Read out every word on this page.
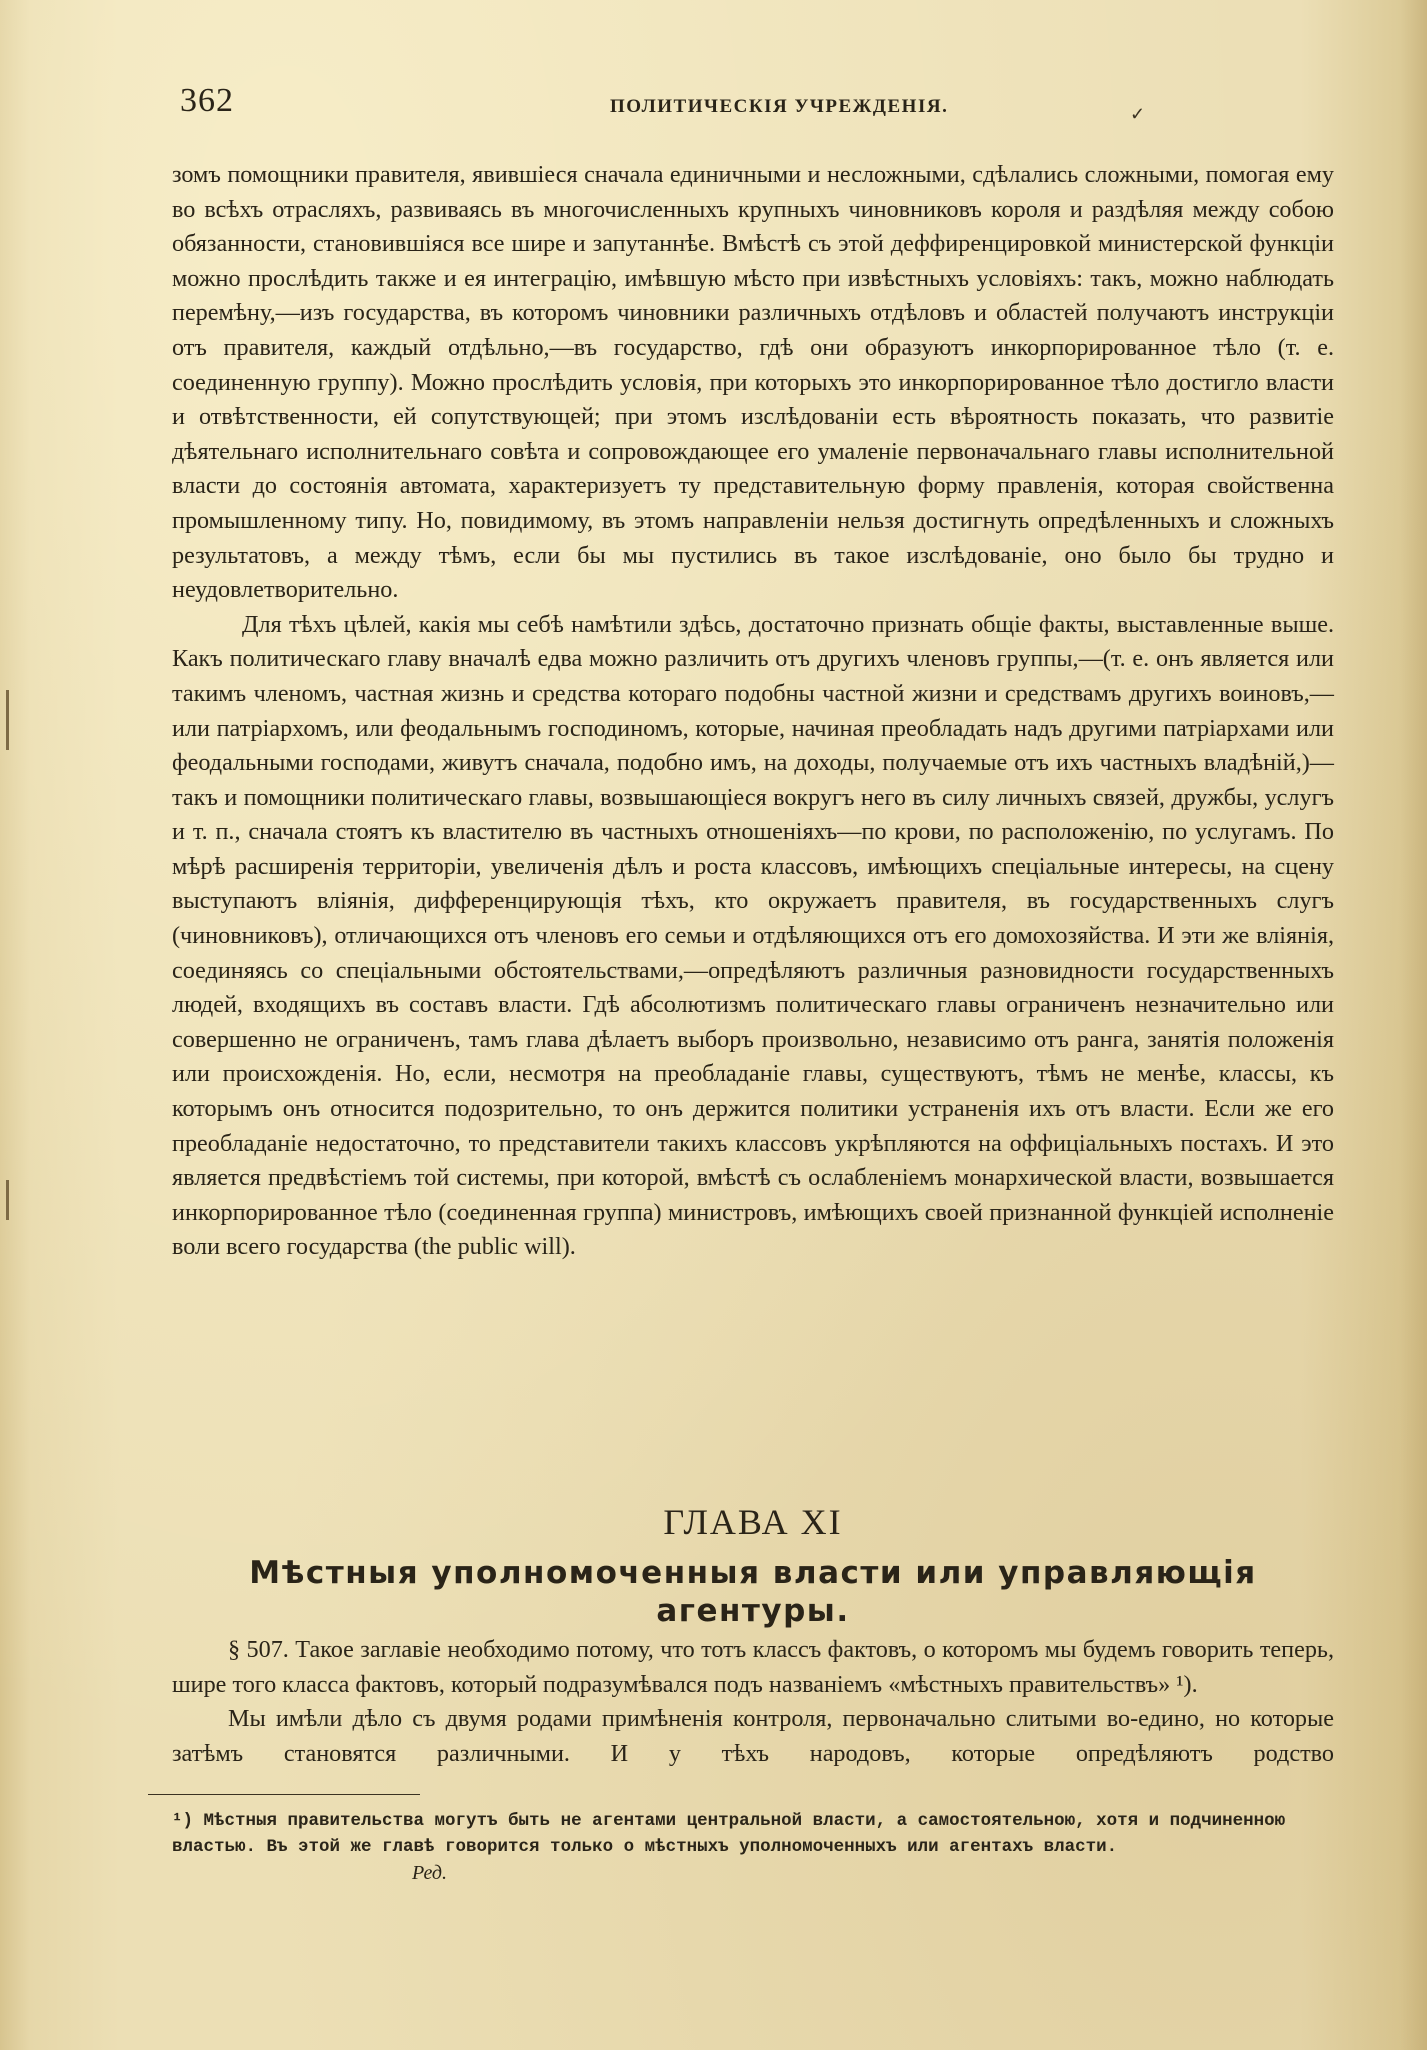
362	ПОЛИТИЧЕСКІЯ УЧРЕЖДЕНІЯ.	✓

зомъ помощники правителя, явившіеся сначала единичными и несложными, сдѣлались сложными, помогая ему во всѣхъ отрасляхъ, развиваясь въ многочисленныхъ крупныхъ чиновниковъ короля и раздѣляя между собою обязанности, становившіяся все шире и запутаннѣе. Вмѣстѣ съ этой деффиренцировкой министерской функціи можно прослѣдить также и ея интеграцію, имѣвшую мѣсто при извѣстныхъ условіяхъ: такъ, можно наблюдать перемѣну,—изъ государства, въ которомъ чиновники различныхъ отдѣловъ и областей получаютъ инструкціи отъ правителя, каждый отдѣльно,—въ государство, гдѣ они образуютъ инкорпорированное тѣло (т. е. соединенную группу). Можно прослѣдить условія, при которыхъ это инкорпорированное тѣло достигло власти и отвѣтственности, ей сопутствующей; при этомъ изслѣдованіи есть вѣроятность показать, что развитіе дѣятельнаго исполнительнаго совѣта и сопровождающее его умаленіе первоначальнаго главы исполнительной власти до состоянія автомата, характеризуетъ ту представительную форму правленія, которая свойственна промышленному типу. Но, повидимому, въ этомъ направленіи нельзя достигнуть опредѣленныхъ и сложныхъ результатовъ, а между тѣмъ, если бы мы пустились въ такое изслѣдованіе, оно было бы трудно и неудовлетворительно.

Для тѣхъ цѣлей, какія мы себѣ намѣтили здѣсь, достаточно признать общіе факты, выставленные выше. Какъ политическаго главу вначалѣ едва можно различить отъ другихъ членовъ группы,—(т. е. онъ является или такимъ членомъ, частная жизнь и средства котораго подобны частной жизни и средствамъ другихъ воиновъ,—или патріархомъ, или феодальнымъ господиномъ, которые, начиная преобладать надъ другими патріархами или феодальными господами, живутъ сначала, подобно имъ, на доходы, получаемые отъ ихъ частныхъ владѣній,)—такъ и помощники политическаго главы, возвышающіеся вокругъ него въ силу личныхъ связей, дружбы, услугъ и т. п., сначала стоятъ къ властителю въ частныхъ отношеніяхъ—по крови, по расположенію, по услугамъ. По мѣрѣ расширенія территоріи, увеличенія дѣлъ и роста классовъ, имѣющихъ спеціальные интересы, на сцену выступаютъ вліянія, дифференцирующія тѣхъ, кто окружаетъ правителя, въ государственныхъ слугъ (чиновниковъ), отличающихся отъ членовъ его семьи и отдѣляющихся отъ его домохозяйства. И эти же вліянія, соединяясь со спеціальными обстоятельствами,—опредѣляютъ различныя разновидности государственныхъ людей, входящихъ въ составъ власти. Гдѣ абсолютизмъ политическаго главы ограниченъ незначительно или совершенно не ограниченъ, тамъ глава дѣлаетъ выборъ произвольно, независимо отъ ранга, занятія положенія или происхожденія. Но, если, несмотря на преобладаніе главы, существуютъ, тѣмъ не менѣе, классы, къ которымъ онъ относится подозрительно, то онъ держится политики устраненія ихъ отъ власти. Если же его преобладаніе недостаточно, то представители такихъ классовъ укрѣпляются на оффиціальныхъ постахъ. И это является предвѣстіемъ той системы, при которой, вмѣстѣ съ ослабленіемъ монархической власти, возвышается инкорпорированное тѣло (соединенная группа) министровъ, имѣющихъ своей признанной функціей исполненіе воли всего государства (the public will).

ГЛАВА XI
Мѣстныя уполномоченныя власти или управляющія агентуры.

§ 507. Такое заглавіе необходимо потому, что тотъ классъ фактовъ, о которомъ мы будемъ говорить теперь, шире того класса фактовъ, который подразумѣвался подъ названіемъ «мѣстныхъ правительствъ» ¹).

Мы имѣли дѣло съ двумя родами примѣненія контроля, первоначально слитыми во-едино, но которые затѣмъ становятся различными. И у тѣхъ народовъ, которые опредѣляютъ родство

¹) Мѣстныя правительства могутъ быть не агентами центральной власти, а самостоятельною, хотя и подчиненною властью. Въ этой же главѣ говорится только о мѣстныхъ уполномоченныхъ или агентахъ власти. Ред.
